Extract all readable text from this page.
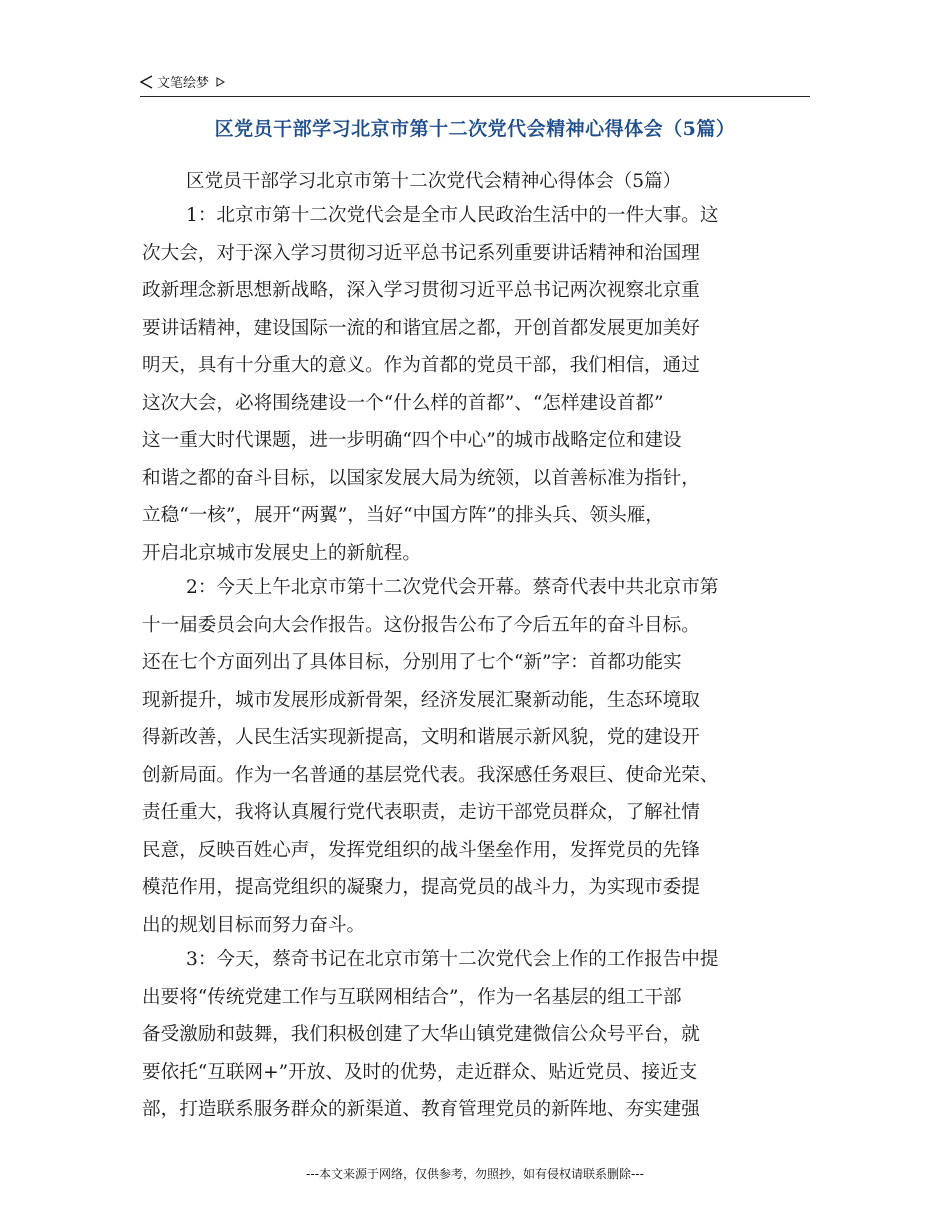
文笔绘梦
区党员干部学习北京市第十二次党代会精神心得体会（5篇）
区党员干部学习北京市第十二次党代会精神心得体会（5篇）
1：北京市第十二次党代会是全市人民政治生活中的一件大事。这
次大会，对于深入学习贯彻习近平总书记系列重要讲话精神和治国理
政新理念新思想新战略，深入学习贯彻习近平总书记两次视察北京重
要讲话精神，建设国际一流的和谐宜居之都，开创首都发展更加美好
明天，具有十分重大的意义。作为首都的党员干部，我们相信，通过
这次大会，必将围绕建设一个“什么样的首都”、“怎样建设首都”
这一重大时代课题，进一步明确“四个中心”的城市战略定位和建设
和谐之都的奋斗目标，以国家发展大局为统领，以首善标准为指针，
立稳“一核”，展开“两翼”，当好“中国方阵”的排头兵、领头雁，
开启北京城市发展史上的新航程。
2：今天上午北京市第十二次党代会开幕。蔡奇代表中共北京市第
十一届委员会向大会作报告。这份报告公布了今后五年的奋斗目标。
还在七个方面列出了具体目标，分别用了七个“新”字：首都功能实
现新提升，城市发展形成新骨架，经济发展汇聚新动能，生态环境取
得新改善，人民生活实现新提高，文明和谐展示新风貌，党的建设开
创新局面。作为一名普通的基层党代表。我深感任务艰巨、使命光荣、
责任重大，我将认真履行党代表职责，走访干部党员群众，了解社情
民意，反映百姓心声，发挥党组织的战斗堡垒作用，发挥党员的先锋
模范作用，提高党组织的凝聚力，提高党员的战斗力，为实现市委提
出的规划目标而努力奋斗。
3：今天，蔡奇书记在北京市第十二次党代会上作的工作报告中提
出要将“传统党建工作与互联网相结合”，作为一名基层的组工干部
备受激励和鼓舞，我们积极创建了大华山镇党建微信公众号平台，就
要依托“互联网+”开放、及时的优势，走近群众、贴近党员、接近支
部，打造联系服务群众的新渠道、教育管理党员的新阵地、夯实建强
---本文来源于网络，仅供参考，勿照抄，如有侵权请联系删除---
